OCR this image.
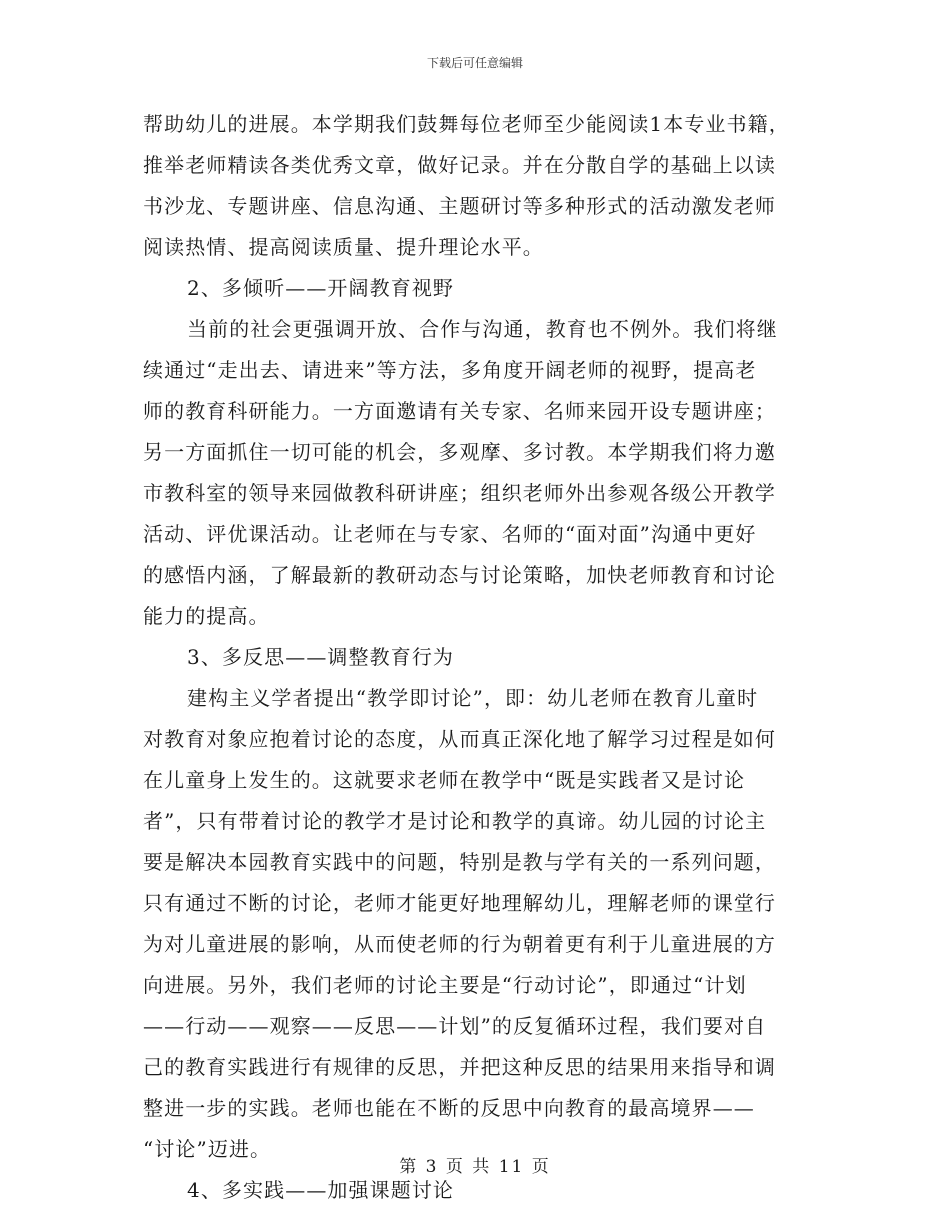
下载后可任意编辑
帮助幼儿的进展。本学期我们鼓舞每位老师至少能阅读1本专业书籍，
推举老师精读各类优秀文章，做好记录。并在分散自学的基础上以读
书沙龙、专题讲座、信息沟通、主题研讨等多种形式的活动激发老师
阅读热情、提高阅读质量、提升理论水平。
2、多倾听——开阔教育视野
当前的社会更强调开放、合作与沟通，教育也不例外。我们将继
续通过“走出去、请进来”等方法，多角度开阔老师的视野，提高老
师的教育科研能力。一方面邀请有关专家、名师来园开设专题讲座；
另一方面抓住一切可能的机会，多观摩、多讨教。本学期我们将力邀
市教科室的领导来园做教科研讲座；组织老师外出参观各级公开教学
活动、评优课活动。让老师在与专家、名师的“面对面”沟通中更好
的感悟内涵，了解最新的教研动态与讨论策略，加快老师教育和讨论
能力的提高。
3、多反思——调整教育行为
建构主义学者提出“教学即讨论”，即：幼儿老师在教育儿童时
对教育对象应抱着讨论的态度，从而真正深化地了解学习过程是如何
在儿童身上发生的。这就要求老师在教学中“既是实践者又是讨论
者”，只有带着讨论的教学才是讨论和教学的真谛。幼儿园的讨论主
要是解决本园教育实践中的问题，特别是教与学有关的一系列问题，
只有通过不断的讨论，老师才能更好地理解幼儿，理解老师的课堂行
为对儿童进展的影响，从而使老师的行为朝着更有利于儿童进展的方
向进展。另外，我们老师的讨论主要是“行动讨论”，即通过“计划
——行动——观察——反思——计划”的反复循环过程，我们要对自
己的教育实践进行有规律的反思，并把这种反思的结果用来指导和调
整进一步的实践。老师也能在不断的反思中向教育的最高境界——
“讨论”迈进。
4、多实践——加强课题讨论
第 3 页 共 11 页
